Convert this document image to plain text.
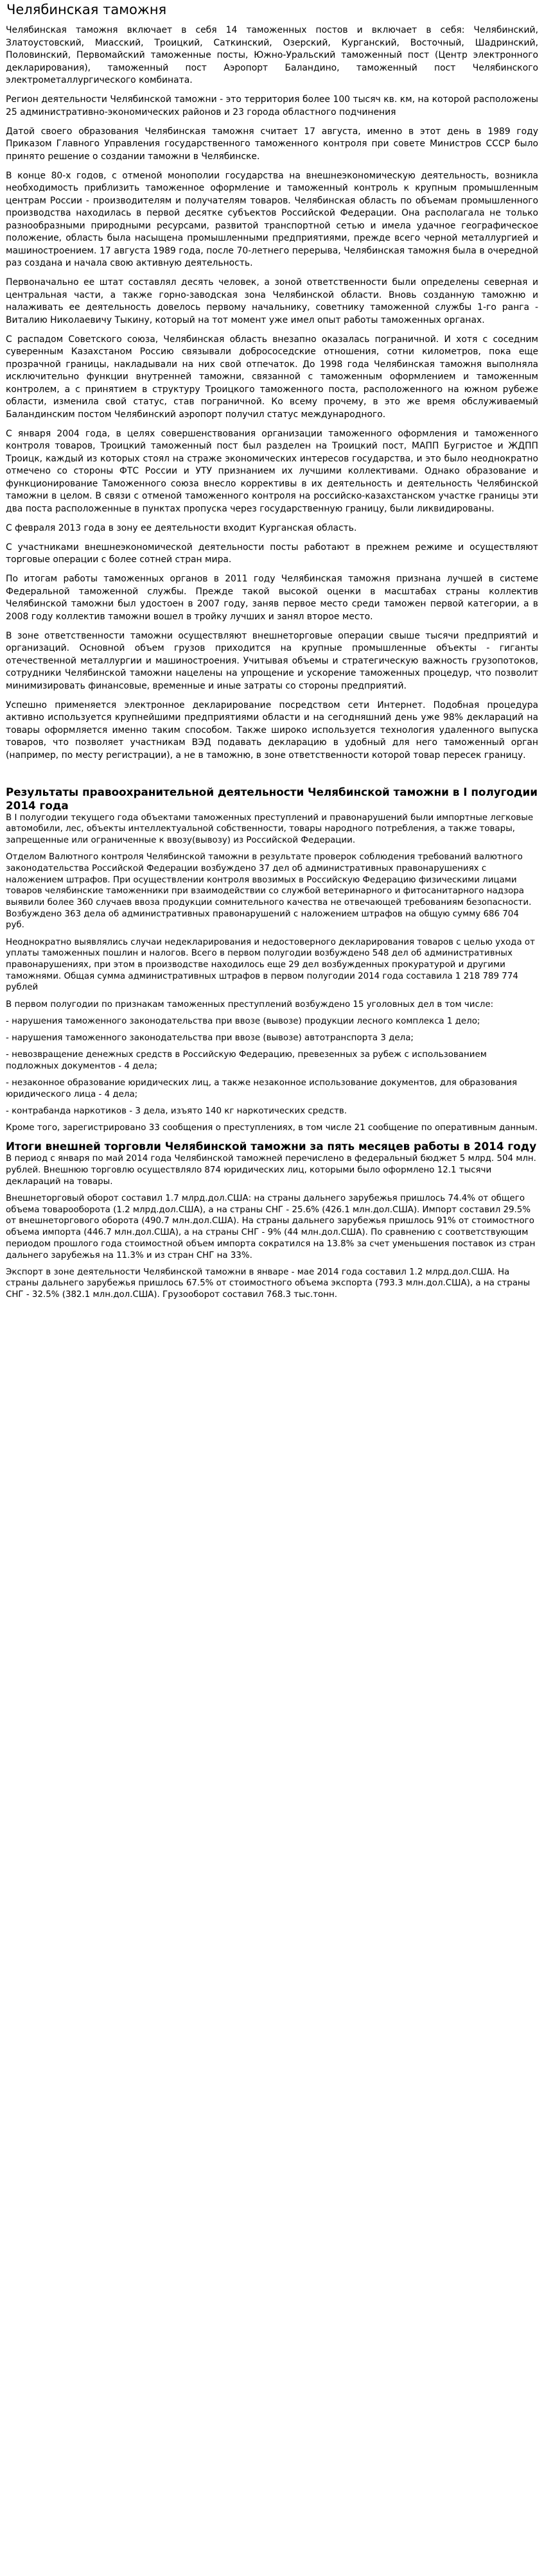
Челябинская таможня

Челябинская таможня включает в себя 14 таможенных постов и включает в себя: Челябинский, Златоустовский, Миасский, Троицкий, Саткинский, Озерский, Курганский, Восточный, Шадринский, Половинский, Первомайский таможенные посты, Южно-Уральский таможенный пост (Центр электронного декларирования), таможенный пост Аэропорт Баландино, таможенный пост Челябинского электрометаллургического комбината.

Регион деятельности Челябинской таможни - это территория более 100 тысяч кв. км, на которой расположены 25 административно-экономических районов и 23 города областного подчинения

Датой своего образования Челябинская таможня считает 17 августа, именно в этот день в 1989 году Приказом Главного Управления государственного таможенного контроля при совете Министров СССР было принято решение о создании таможни в Челябинске.

В конце 80-х годов, с отменой монополии государства на внешнеэкономическую деятельность, возникла необходимость приблизить таможенное оформление и таможенный контроль к крупным промышленным центрам России - производителям и получателям товаров. Челябинская область по объемам промышленного производства находилась в первой десятке субъектов Российской Федерации. Она располагала не только разнообразными природными ресурсами, развитой транспортной сетью и имела удачное географическое положение, область была насыщена промышленными предприятиями, прежде всего черной металлургией и машиностроением. 17 августа 1989 года, после 70-летнего перерыва, Челябинская таможня была в очередной раз создана и начала свою активную деятельность.

Первоначально ее штат составлял десять человек, а зоной ответственности были определены северная и центральная части, а также горно-заводская зона Челябинской области. Вновь созданную таможню и налаживать ее деятельность довелось первому начальнику, советнику таможенной службы 1-го ранга - Виталию Николаевичу Тыкину, который на тот момент уже имел опыт работы таможенных органах.

С распадом Советского союза, Челябинская область внезапно оказалась пограничной. И хотя с соседним суверенным Казахстаном Россию связывали добрососедские отношения, сотни километров, пока еще прозрачной границы, накладывали на них свой отпечаток. До 1998 года Челябинская таможня выполняла исключительно функции внутренней таможни, связанной с таможенным оформлением и таможенным контролем, а с принятием в структуру Троицкого таможенного поста, расположенного на южном рубеже области, изменила свой статус, став пограничной. Ко всему прочему, в это же время обслуживаемый Баландинским постом Челябинский аэропорт получил статус международного.

С января 2004 года, в целях совершенствования организации таможенного оформления и таможенного контроля товаров, Троицкий таможенный пост был разделен на Троицкий пост, МАПП Бугристое и ЖДПП Троицк, каждый из которых стоял на страже экономических интересов государства, и это было неоднократно отмечено со стороны ФТС России и УТУ признанием их лучшими коллективами. Однако образование и функционирование Таможенного союза внесло коррективы в их деятельность и деятельность Челябинской таможни в целом. В связи с отменой таможенного контроля на российско-казахстанском участке границы эти два поста расположенные в пунктах пропуска через государственную границу, были ликвидированы.

С февраля 2013 года в зону ее деятельности входит Курганская область.

С участниками внешнеэкономической деятельности посты работают в прежнем режиме и осуществляют торговые операции с более сотней стран мира.

По итогам работы таможенных органов в 2011 году Челябинская таможня признана лучшей в системе Федеральной таможенной службы. Прежде такой высокой оценки в масштабах страны коллектив Челябинской таможни был удостоен в 2007 году, заняв первое место среди таможен первой категории, а в 2008 году коллектив таможни вошел в тройку лучших и занял второе место.

В зоне ответственности таможни осуществляют внешнеторговые операции свыше тысячи предприятий и организаций. Основной объем грузов приходится на крупные промышленные объекты - гиганты отечественной металлургии и машиностроения. Учитывая объемы и стратегическую важность грузопотоков, сотрудники Челябинской таможни нацелены на упрощение и ускорение таможенных процедур, что позволит минимизировать финансовые, временные и иные затраты со стороны предприятий.

Успешно применяется электронное декларирование посредством сети Интернет. Подобная процедура активно используется крупнейшими предприятиями области и на сегодняшний день уже 98% деклараций на товары оформляется именно таким способом. Также широко используется технология удаленного выпуска товаров, что позволяет участникам ВЭД подавать декларацию в удобный для него таможенный орган (например, по месту регистрации), а не в таможню, в зоне ответственности которой товар пересек границу.

Результаты правоохранительной деятельности Челябинской таможни в I полугодии 2014 года

В I полугодии текущего года объектами таможенных преступлений и правонарушений были импортные легковые автомобили, лес, объекты интеллектуальной собственности, товары народного потребления, а также товары, запрещенные или ограниченные к ввозу(вывозу) из Российской Федерации.

Отделом Валютного контроля Челябинской таможни в результате проверок соблюдения требований валютного законодательства Российской Федерации возбуждено 37 дел об административных правонарушениях с наложением штрафов. При осуществлении контроля ввозимых в Российскую Федерацию физическими лицами товаров челябинские таможенники при взаимодействии со службой ветеринарного и фитосанитарного надзора выявили более 360 случаев ввоза продукции сомнительного качества не отвечающей требованиям безопасности. Возбуждено 363 дела об административных правонарушений с наложением штрафов на общую сумму 686 704 руб.

Неоднократно выявлялись случаи недекларирования и недостоверного декларирования товаров с целью ухода от уплаты таможенных пошлин и налогов. Всего в первом полугодии возбуждено 548 дел об административных правонарушениях, при этом в производстве находилось еще 29 дел возбужденных прокуратурой и другими таможнями. Общая сумма административных штрафов в первом полугодии 2014 года составила 1 218 789 774 рублей

В первом полугодии по признакам таможенных преступлений возбуждено 15 уголовных дел в том числе:

- нарушения таможенного законодательства при ввозе (вывозе) продукции лесного комплекса 1 делo;

- нарушения таможенного законодательства при ввозе (вывозе) автотранспорта 3 дела;

- невозвращение денежных средств в Российскую Федерацию, превезенных за рубеж с использованием подложных документов - 4 дела;

- незаконное образование юридических лиц, а также незаконное использование документов, для образования юридического лица - 4 дела;

- контрабанда наркотиков - 3 дела, изъято 140 кг наркотических средств.

Кроме того, зарегистрировано 33 сообщения о преступлениях, в том числе 21 сообщение по оперативным данным.

Итоги внешней торговли Челябинской таможни за пять месяцев работы в 2014 году

В период с января по май 2014 года Челябинской таможней перечислено в федеральный бюджет 5 млрд. 504 млн. рублей. Внешнюю торговлю осуществляло 874 юридических лиц, которыми было оформлено 12.1 тысячи деклараций на товары.

Внешнеторговый оборот составил 1.7 млрд.дол.США: на страны дальнего зарубежья пришлось 74.4% от общего объема товарооборота (1.2 млрд.дол.США), а на страны СНГ - 25.6% (426.1 млн.дол.США). Импорт составил 29.5% от внешнеторгового оборота (490.7 млн.дол.США). На страны дальнего зарубежья пришлось 91% от стоимостного объема импорта (446.7 млн.дол.США), а на страны СНГ - 9% (44 млн.дол.США). По сравнению с соответствующим периодом прошлого года стоимостной объем импорта сократился на 13.8% за счет уменьшения поставок из стран дальнего зарубежья на 11.3% и из стран СНГ на 33%.

Экспорт в зоне деятельности Челябинской таможни в январе - мае 2014 года составил 1.2 млрд.дол.США. На страны дальнего зарубежья пришлось 67.5% от стоимостного объема экспорта (793.3 млн.дол.США), а на страны СНГ - 32.5% (382.1 млн.дол.США). Грузооборот составил 768.3 тыс.тонн.
